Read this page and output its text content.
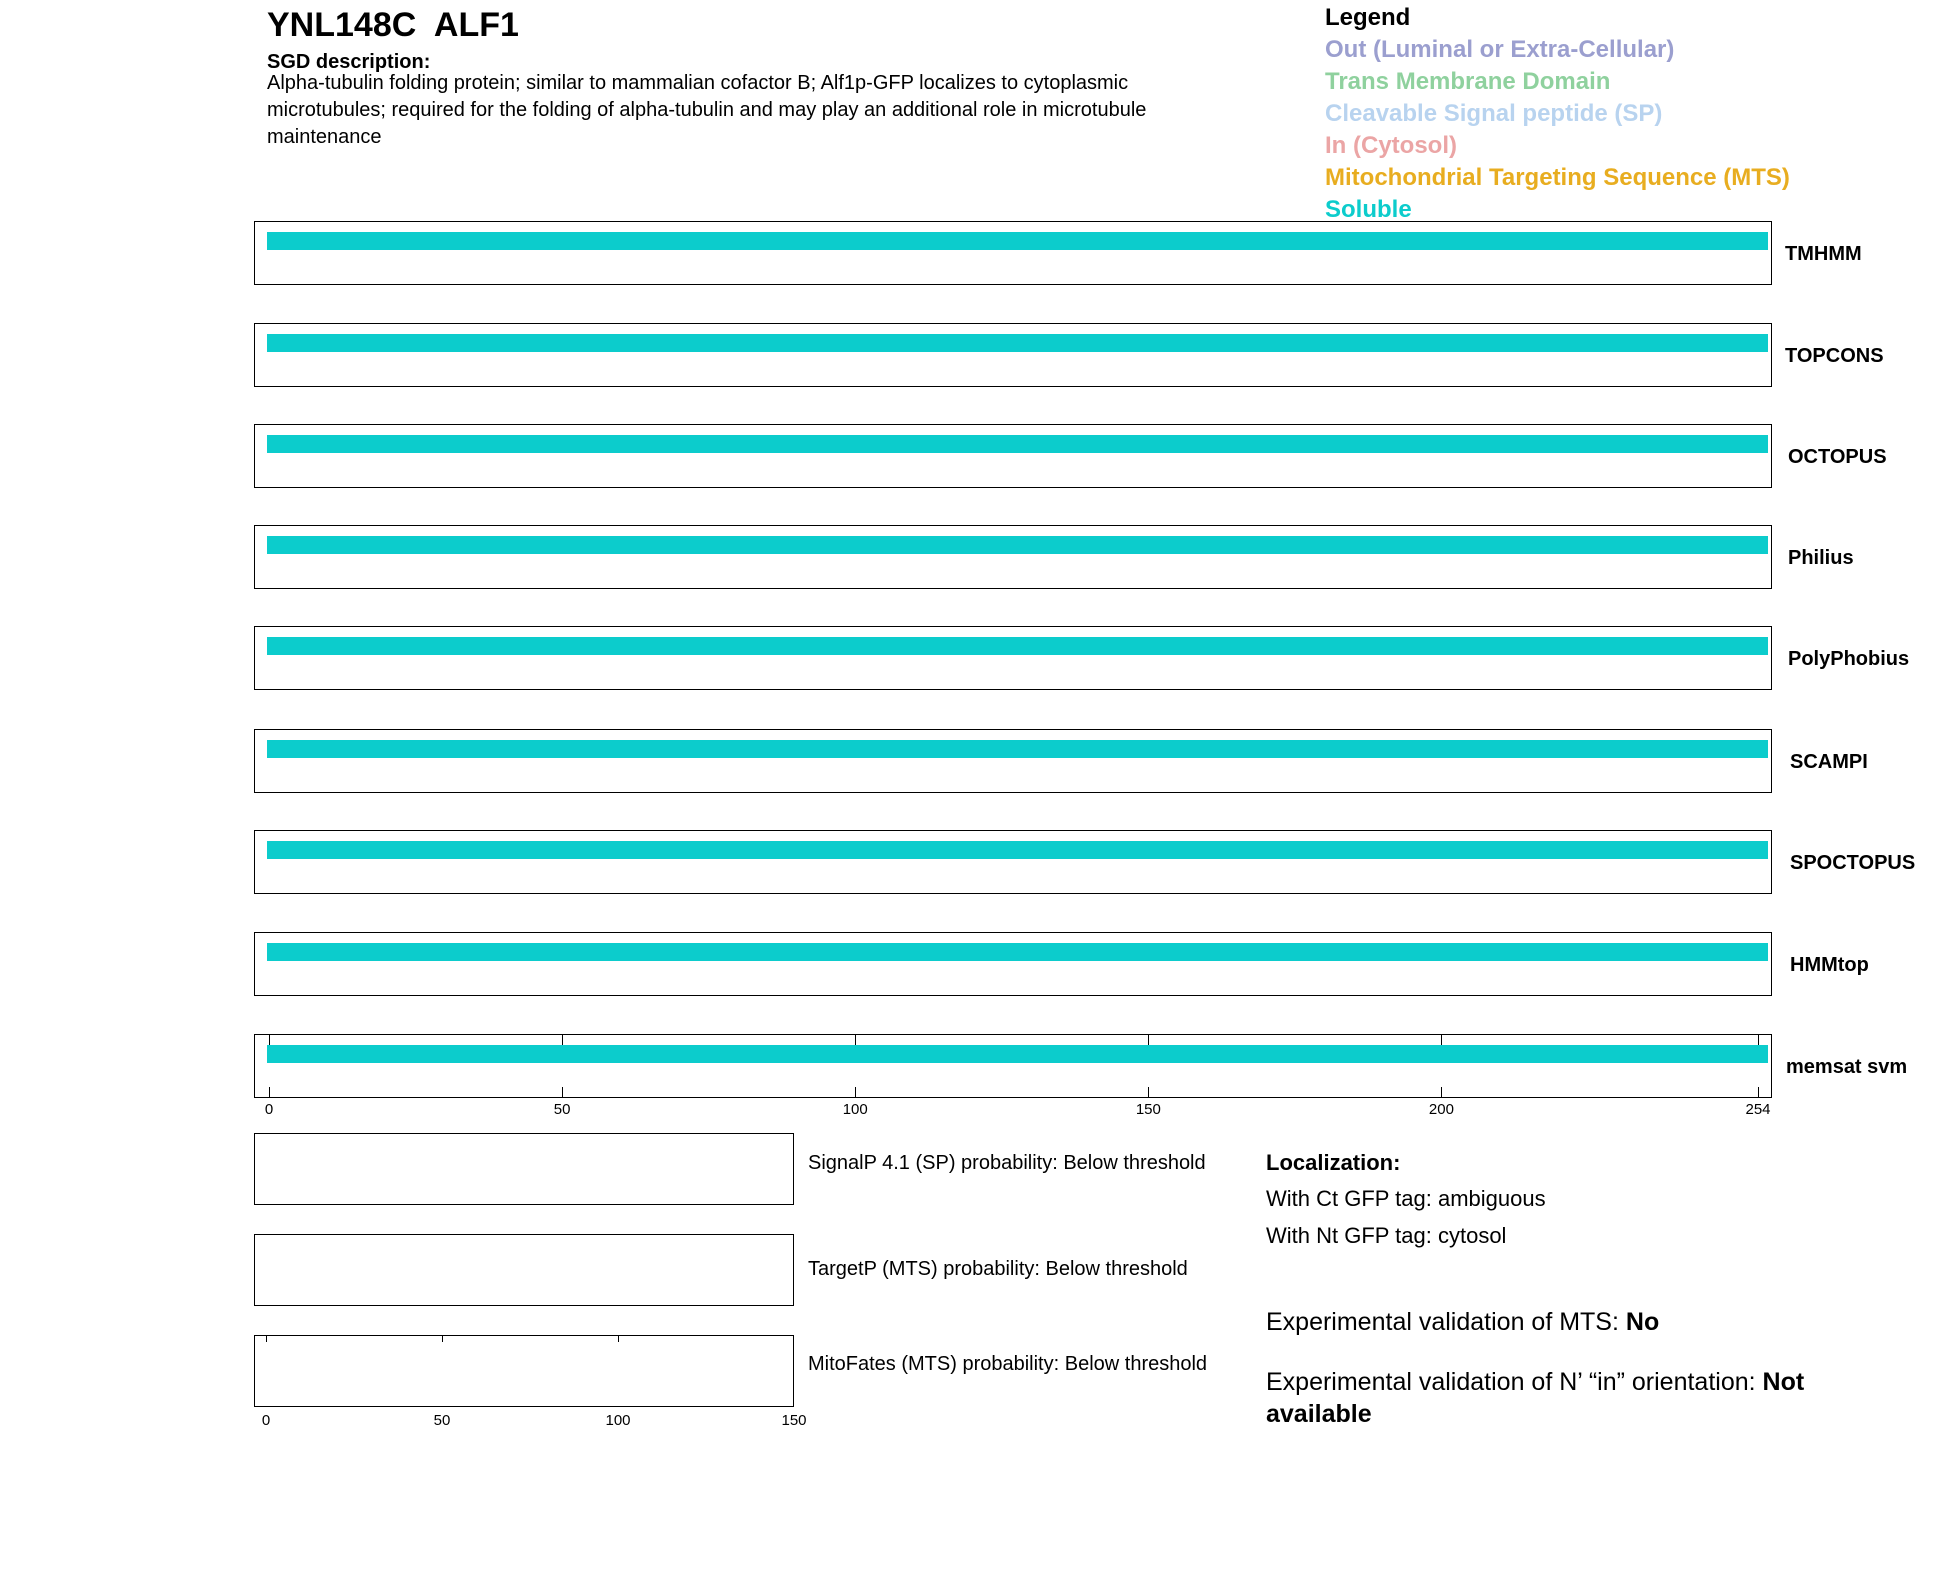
YNL148C  ALF1
SGD description:
Alpha-tubulin folding protein; similar to mammalian cofactor B; Alf1p-GFP localizes to cytoplasmic microtubules; required for the folding of alpha-tubulin and may play an additional role in microtubule maintenance
Legend
Out (Luminal or Extra-Cellular)
Trans Membrane Domain
Cleavable Signal peptide (SP)
In (Cytosol)
Mitochondrial Targeting Sequence (MTS)
Soluble
TMHMM
TOPCONS
OCTOPUS
Philius
PolyPhobius
SCAMPI
SPOCTOPUS
HMMtop
memsat svm
0	50	100	150	200	254
SignalP 4.1 (SP) probability: Below threshold
TargetP (MTS) probability: Below threshold
MitoFates (MTS) probability: Below threshold
0	50	100	150
Localization:
With Ct GFP tag: ambiguous
With Nt GFP tag: cytosol
Experimental validation of MTS: No
Experimental validation of N’ “in” orientation: Not available
